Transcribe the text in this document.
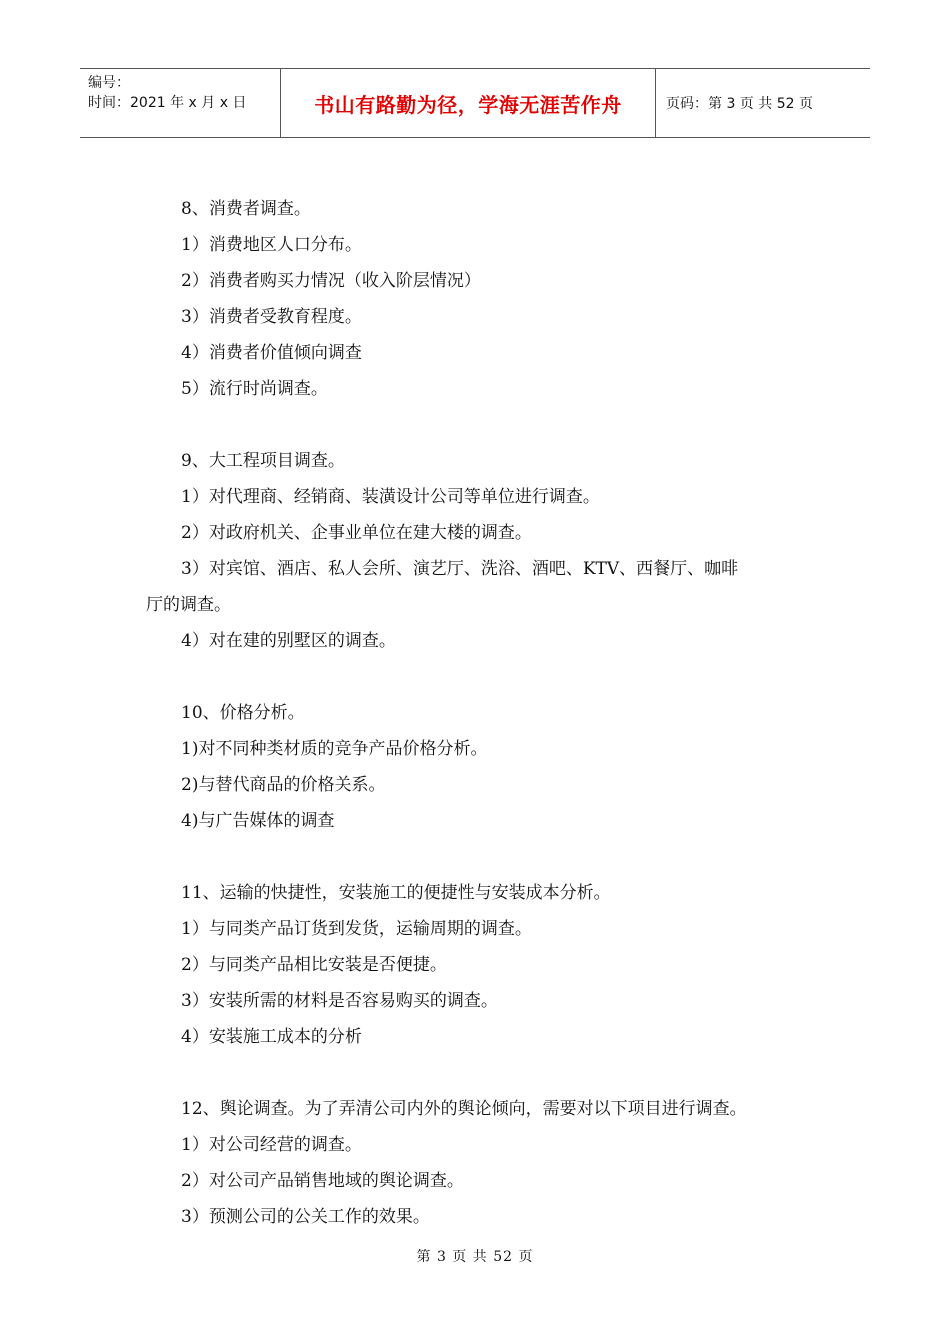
编号：
时间：2021 年 x 月 x 日	书山有路勤为径，学海无涯苦作舟	页码：第 3 页 共 52 页
8、消费者调查。
1）消费地区人口分布。
2）消费者购买力情况（收入阶层情况）
3）消费者受教育程度。
4）消费者价值倾向调查
5）流行时尚调查。
9、大工程项目调查。
1）对代理商、经销商、装潢设计公司等单位进行调查。
2）对政府机关、企事业单位在建大楼的调查。
3）对宾馆、酒店、私人会所、演艺厅、洗浴、酒吧、KTV、西餐厅、咖啡
厅的调查。
4）对在建的别墅区的调查。
10、价格分析。
1)对不同种类材质的竞争产品价格分析。
2)与替代商品的价格关系。
4)与广告媒体的调查
11、运输的快捷性，安装施工的便捷性与安装成本分析。
1）与同类产品订货到发货，运输周期的调查。
2）与同类产品相比安装是否便捷。
3）安装所需的材料是否容易购买的调查。
4）安装施工成本的分析
12、舆论调查。为了弄清公司内外的舆论倾向，需要对以下项目进行调查。
1）对公司经营的调查。
2）对公司产品销售地域的舆论调查。
3）预测公司的公关工作的效果。
第 3 页 共 52 页
